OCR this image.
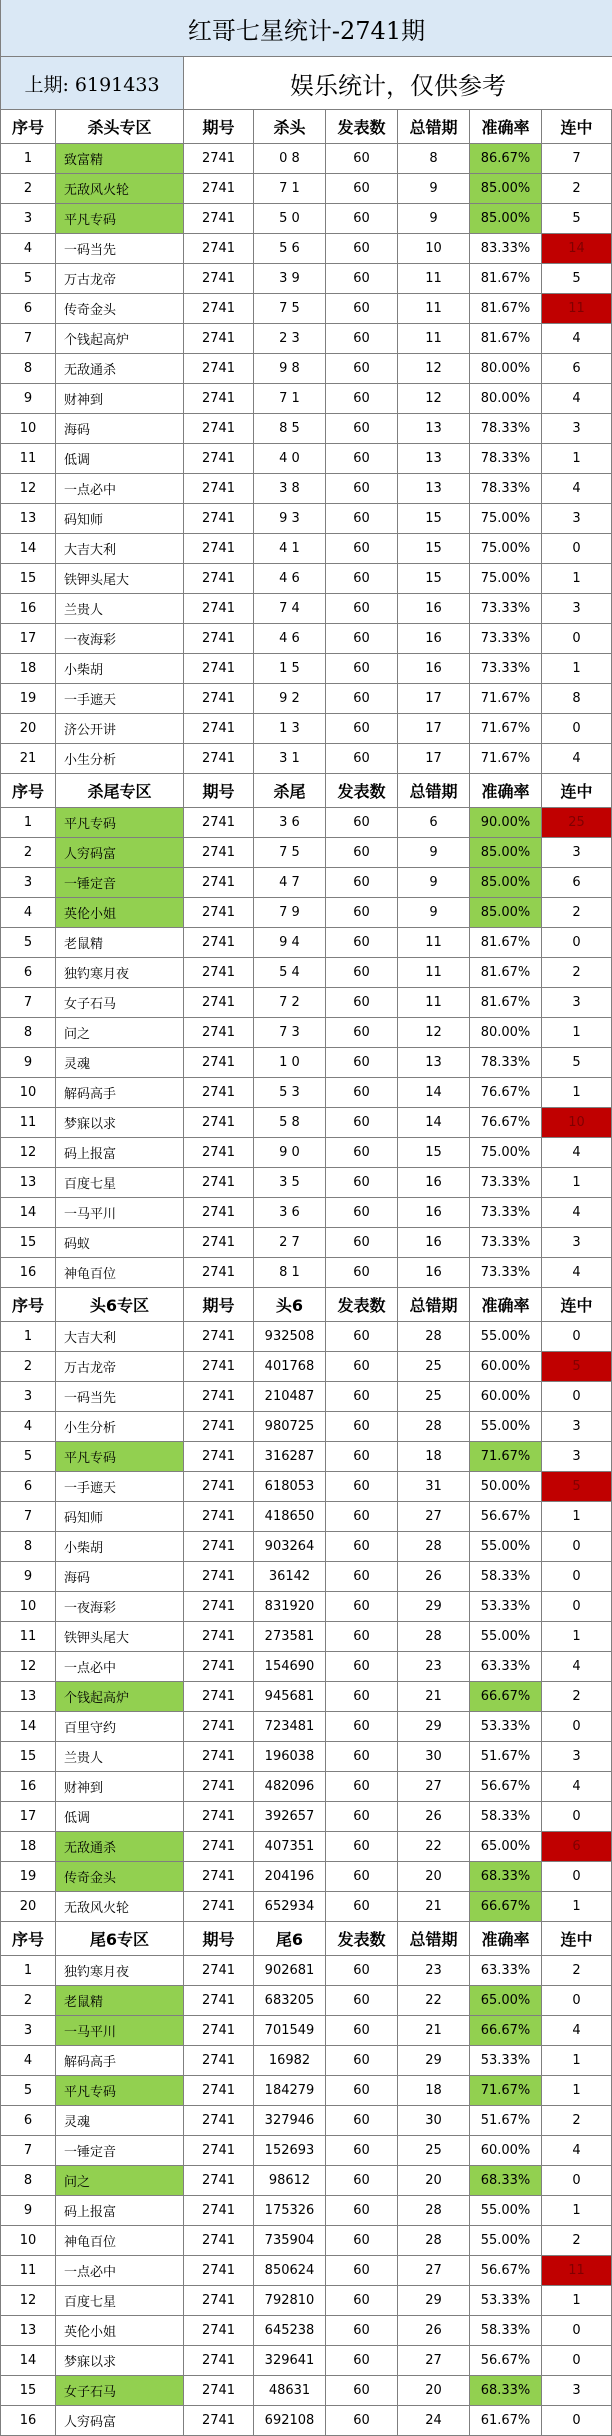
红哥七星统计-2741期
上期: 6191433	娱乐统计，仅供参考
序号	杀头专区	期号	杀头	发表数	总错期	准确率	连中
1	致富精	2741	0 8	60	8	86.67%	7
2	无敌风火轮	2741	7 1	60	9	85.00%	2
3	平凡专码	2741	5 0	60	9	85.00%	5
4	一码当先	2741	5 6	60	10	83.33%	14
5	万古龙帝	2741	3 9	60	11	81.67%	5
6	传奇金头	2741	7 5	60	11	81.67%	11
7	个钱起高炉	2741	2 3	60	11	81.67%	4
8	无敌通杀	2741	9 8	60	12	80.00%	6
9	财神到	2741	7 1	60	12	80.00%	4
10	海码	2741	8 5	60	13	78.33%	3
11	低调	2741	4 0	60	13	78.33%	1
12	一点必中	2741	3 8	60	13	78.33%	4
13	码知师	2741	9 3	60	15	75.00%	3
14	大吉大利	2741	4 1	60	15	75.00%	0
15	铁钾头尾大	2741	4 6	60	15	75.00%	1
16	兰贵人	2741	7 4	60	16	73.33%	3
17	一夜海彩	2741	4 6	60	16	73.33%	0
18	小柴胡	2741	1 5	60	16	73.33%	1
19	一手遮天	2741	9 2	60	17	71.67%	8
20	济公开讲	2741	1 3	60	17	71.67%	0
21	小生分析	2741	3 1	60	17	71.67%	4
序号	杀尾专区	期号	杀尾	发表数	总错期	准确率	连中
1	平凡专码	2741	3 6	60	6	90.00%	25
2	人穷码富	2741	7 5	60	9	85.00%	3
3	一锤定音	2741	4 7	60	9	85.00%	6
4	英伦小姐	2741	7 9	60	9	85.00%	2
5	老鼠精	2741	9 4	60	11	81.67%	0
6	独钓寒月夜	2741	5 4	60	11	81.67%	2
7	女子石马	2741	7 2	60	11	81.67%	3
8	问之	2741	7 3	60	12	80.00%	1
9	灵魂	2741	1 0	60	13	78.33%	5
10	解码高手	2741	5 3	60	14	76.67%	1
11	梦寐以求	2741	5 8	60	14	76.67%	10
12	码上报富	2741	9 0	60	15	75.00%	4
13	百度七星	2741	3 5	60	16	73.33%	1
14	一马平川	2741	3 6	60	16	73.33%	4
15	码蚁	2741	2 7	60	16	73.33%	3
16	神龟百位	2741	8 1	60	16	73.33%	4
序号	头6专区	期号	头6	发表数	总错期	准确率	连中
1	大吉大利	2741	932508	60	28	55.00%	0
2	万古龙帝	2741	401768	60	25	60.00%	5
3	一码当先	2741	210487	60	25	60.00%	0
4	小生分析	2741	980725	60	28	55.00%	3
5	平凡专码	2741	316287	60	18	71.67%	3
6	一手遮天	2741	618053	60	31	50.00%	5
7	码知师	2741	418650	60	27	56.67%	1
8	小柴胡	2741	903264	60	28	55.00%	0
9	海码	2741	36142	60	26	58.33%	0
10	一夜海彩	2741	831920	60	29	53.33%	0
11	铁钾头尾大	2741	273581	60	28	55.00%	1
12	一点必中	2741	154690	60	23	63.33%	4
13	个钱起高炉	2741	945681	60	21	66.67%	2
14	百里守约	2741	723481	60	29	53.33%	0
15	兰贵人	2741	196038	60	30	51.67%	3
16	财神到	2741	482096	60	27	56.67%	4
17	低调	2741	392657	60	26	58.33%	0
18	无敌通杀	2741	407351	60	22	65.00%	6
19	传奇金头	2741	204196	60	20	68.33%	0
20	无敌风火轮	2741	652934	60	21	66.67%	1
序号	尾6专区	期号	尾6	发表数	总错期	准确率	连中
1	独钓寒月夜	2741	902681	60	23	63.33%	2
2	老鼠精	2741	683205	60	22	65.00%	0
3	一马平川	2741	701549	60	21	66.67%	4
4	解码高手	2741	16982	60	29	53.33%	1
5	平凡专码	2741	184279	60	18	71.67%	1
6	灵魂	2741	327946	60	30	51.67%	2
7	一锤定音	2741	152693	60	25	60.00%	4
8	问之	2741	98612	60	20	68.33%	0
9	码上报富	2741	175326	60	28	55.00%	1
10	神龟百位	2741	735904	60	28	55.00%	2
11	一点必中	2741	850624	60	27	56.67%	11
12	百度七星	2741	792810	60	29	53.33%	1
13	英伦小姐	2741	645238	60	26	58.33%	0
14	梦寐以求	2741	329641	60	27	56.67%	0
15	女子石马	2741	48631	60	20	68.33%	3
16	人穷码富	2741	692108	60	24	61.67%	0
